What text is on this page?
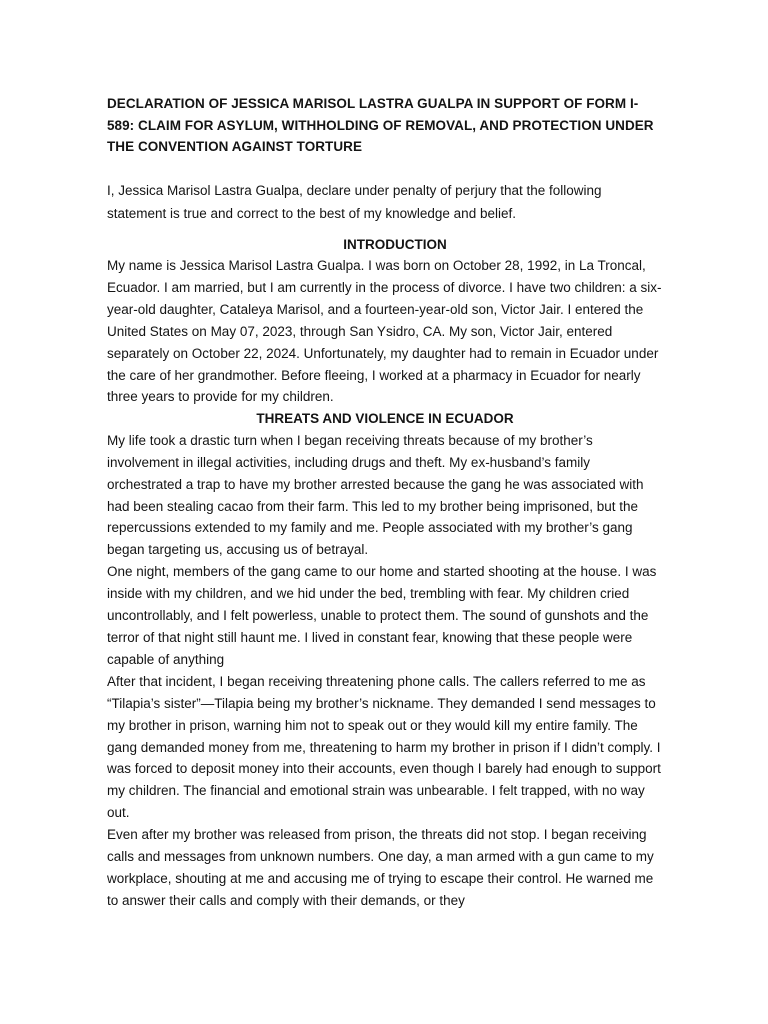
DECLARATION OF JESSICA MARISOL LASTRA GUALPA IN SUPPORT OF FORM I-589: CLAIM FOR ASYLUM, WITHHOLDING OF REMOVAL, AND PROTECTION UNDER THE CONVENTION AGAINST TORTURE

I, Jessica Marisol Lastra Gualpa, declare under penalty of perjury that the following statement is true and correct to the best of my knowledge and belief.

INTRODUCTION

My name is Jessica Marisol Lastra Gualpa. I was born on October 28, 1992, in La Troncal, Ecuador. I am married, but I am currently in the process of divorce. I have two children: a six-year-old daughter, Cataleya Marisol, and a fourteen-year-old son, Victor Jair. I entered the United States on May 07, 2023, through San Ysidro, CA. My son, Victor Jair, entered separately on October 22, 2024. Unfortunately, my daughter had to remain in Ecuador under the care of her grandmother. Before fleeing, I worked at a pharmacy in Ecuador for nearly three years to provide for my children.

THREATS AND VIOLENCE IN ECUADOR

My life took a drastic turn when I began receiving threats because of my brother’s involvement in illegal activities, including drugs and theft. My ex-husband’s family orchestrated a trap to have my brother arrested because the gang he was associated with had been stealing cacao from their farm. This led to my brother being imprisoned, but the repercussions extended to my family and me. People associated with my brother’s gang began targeting us, accusing us of betrayal.

One night, members of the gang came to our home and started shooting at the house. I was inside with my children, and we hid under the bed, trembling with fear. My children cried uncontrollably, and I felt powerless, unable to protect them. The sound of gunshots and the terror of that night still haunt me. I lived in constant fear, knowing that these people were capable of anything

After that incident, I began receiving threatening phone calls. The callers referred to me as “Tilapia’s sister”—Tilapia being my brother’s nickname. They demanded I send messages to my brother in prison, warning him not to speak out or they would kill my entire family. The gang demanded money from me, threatening to harm my brother in prison if I didn’t comply. I was forced to deposit money into their accounts, even though I barely had enough to support my children. The financial and emotional strain was unbearable. I felt trapped, with no way out.

Even after my brother was released from prison, the threats did not stop. I began receiving calls and messages from unknown numbers. One day, a man armed with a gun came to my workplace, shouting at me and accusing me of trying to escape their control. He warned me to answer their calls and comply with their demands, or they
